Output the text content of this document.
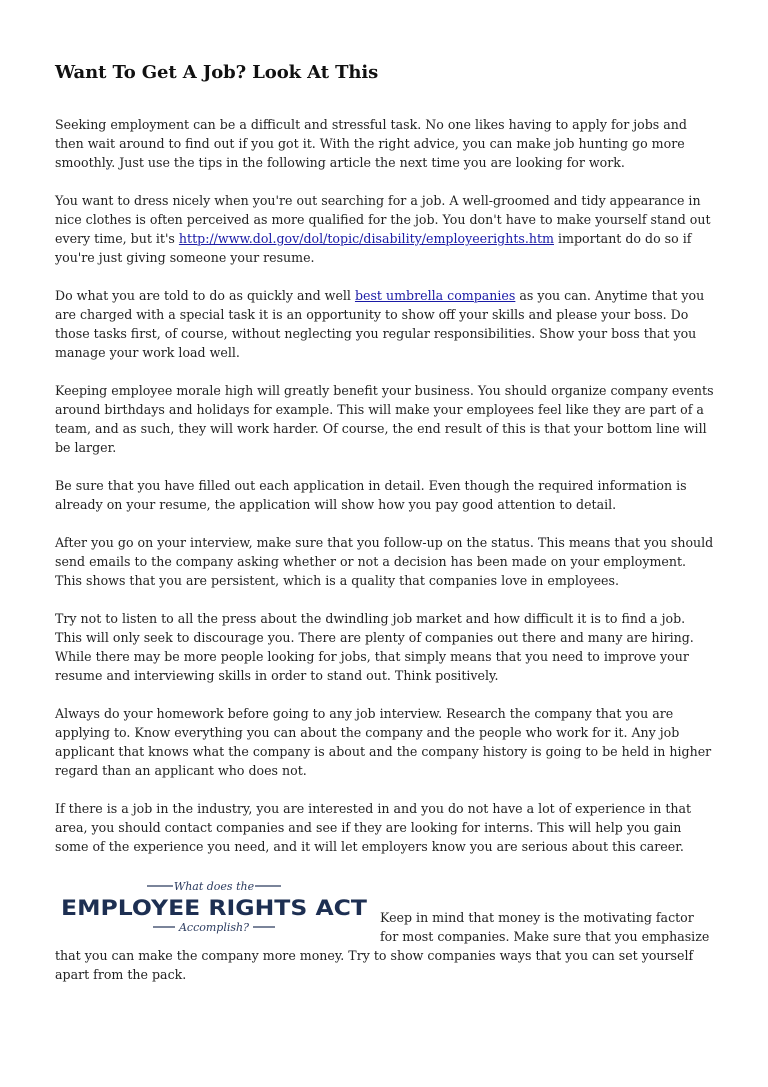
Want To Get A Job? Look At This

Seeking employment can be a difficult and stressful task. No one likes having to apply for jobs and then wait around to find out if you got it. With the right advice, you can make job hunting go more smoothly. Just use the tips in the following article the next time you are looking for work.

You want to dress nicely when you're out searching for a job. A well-groomed and tidy appearance in nice clothes is often perceived as more qualified for the job. You don't have to make yourself stand out every time, but it's http://www.dol.gov/dol/topic/disability/employeerights.htm important do do so if you're just giving someone your resume.

Do what you are told to do as quickly and well best umbrella companies as you can. Anytime that you are charged with a special task it is an opportunity to show off your skills and please your boss. Do those tasks first, of course, without neglecting you regular responsibilities. Show your boss that you manage your work load well.

Keeping employee morale high will greatly benefit your business. You should organize company events around birthdays and holidays for example. This will make your employees feel like they are part of a team, and as such, they will work harder. Of course, the end result of this is that your bottom line will be larger.

Be sure that you have filled out each application in detail. Even though the required information is already on your resume, the application will show how you pay good attention to detail.

After you go on your interview, make sure that you follow-up on the status. This means that you should send emails to the company asking whether or not a decision has been made on your employment. This shows that you are persistent, which is a quality that companies love in employees.

Try not to listen to all the press about the dwindling job market and how difficult it is to find a job. This will only seek to discourage you. There are plenty of companies out there and many are hiring. While there may be more people looking for jobs, that simply means that you need to improve your resume and interviewing skills in order to stand out. Think positively.

Always do your homework before going to any job interview. Research the company that you are applying to. Know everything you can about the company and the people who work for it. Any job applicant that knows what the company is about and the company history is going to be held in higher regard than an applicant who does not.

If there is a job in the industry, you are interested in and you do not have a lot of experience in that area, you should contact companies and see if they are looking for interns. This will help you gain some of the experience you need, and it will let employers know you are serious about this career.

What does the
EMPLOYEE RIGHTS ACT
Accomplish?
Keep in mind that money is the motivating factor for most companies. Make sure that you emphasize that you can make the company more money. Try to show companies ways that you can set yourself apart from the pack.
